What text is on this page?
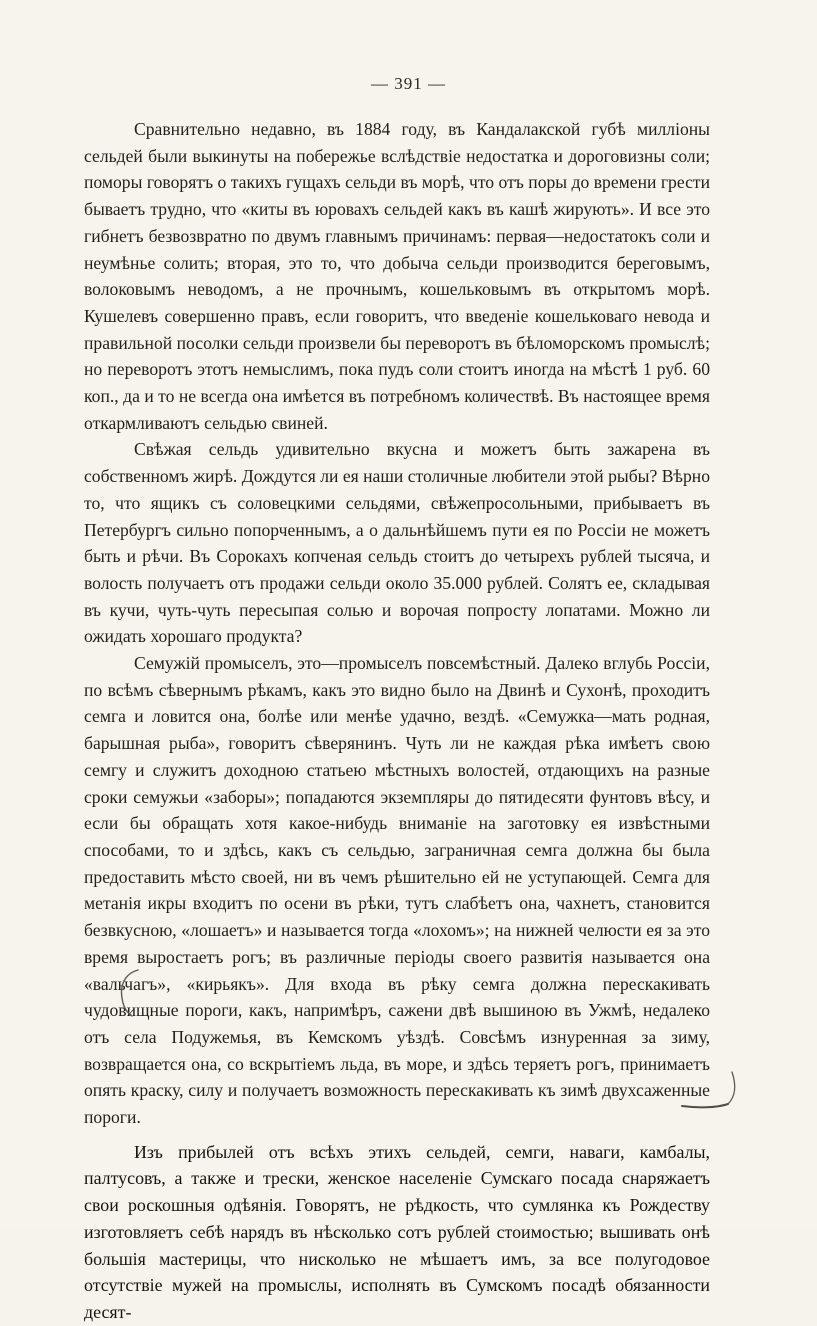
— 391 —

Сравнительно недавно, въ 1884 году, въ Кандалакской губѣ милліоны сельдей были выкинуты на побережье вслѣдствіе недостатка и дороговизны соли; поморы говорятъ о такихъ гущахъ сельди въ морѣ, что отъ поры до времени грести бываетъ трудно, что «киты въ юровахъ сельдей какъ въ кашѣ жирують». И все это гибнетъ безвозвратно по двумъ главнымъ причинамъ: первая—недостатокъ соли и неумѣнье солить; вторая, это то, что добыча сельди производится береговымъ, волоковымъ неводомъ, а не прочнымъ, кошельковымъ въ открытомъ морѣ. Кушелевъ совершенно правъ, если говоритъ, что введеніе кошельковаго невода и правильной посолки сельди произвели бы переворотъ въ бѣломорскомъ промыслѣ; но переворотъ этотъ немыслимъ, пока пудъ соли стоитъ иногда на мѣстѣ 1 руб. 60 коп., да и то не всегда она имѣется въ потребномъ количествѣ. Въ настоящее время откармливаютъ сельдью свиней.

Свѣжая сельдь удивительно вкусна и можетъ быть зажарена въ собственномъ жирѣ. Дождутся ли ея наши столичные любители этой рыбы? Вѣрно то, что ящикъ съ соловецкими сельдями, свѣжепросольными, прибываетъ въ Петербургъ сильно попорченнымъ, а о дальнѣйшемъ пути ея по Россіи не можетъ быть и рѣчи. Въ Сорокахъ копченая сельдь стоитъ до четырехъ рублей тысяча, и волость получаетъ отъ продажи сельди около 35.000 рублей. Солятъ ее, складывая въ кучи, чуть-чуть пересыпая солью и ворочая попросту лопатами. Можно ли ожидать хорошаго продукта?

Семужій промыселъ, это—промыселъ повсемѣстный. Далеко вглубь Россіи, по всѣмъ сѣвернымъ рѣкамъ, какъ это видно было на Двинѣ и Сухонѣ, проходитъ семга и ловится она, болѣе или менѣе удачно, вездѣ. «Семужка—мать родная, барышная рыба», говоритъ сѣверянинъ. Чуть ли не каждая рѣка имѣетъ свою семгу и служитъ доходною статьею мѣстныхъ волостей, отдающихъ на разные сроки семужьи «заборы»; попадаются экземпляры до пятидесяти фунтовъ вѣсу, и если бы обращать хотя какое-нибудь вниманіе на заготовку ея извѣстными способами, то и здѣсь, какъ съ сельдью, заграничная семга должна бы была предоставить мѣсто своей, ни въ чемъ рѣшительно ей не уступающей. Семга для метанія икры входитъ по осени въ рѣки, тутъ слабѣетъ она, чахнетъ, становится безвкусною, «лошаетъ» и называется тогда «лохомъ»; на нижней челюсти ея за это время выростаетъ рогъ; въ различные періоды своего развитія называется она «вальчагъ», «кирьякъ». Для входа въ рѣку семга должна перескакивать чудовищные пороги, какъ, напримѣръ, сажени двѣ вышиною въ Ужмѣ, недалеко отъ села Подужемья, въ Кемскомъ уѣздѣ. Совсѣмъ изнуренная за зиму, возвращается она, со вскрытіемъ льда, въ море, и здѣсь теряетъ рогъ, принимаетъ опять краску, силу и получаетъ возможность перескакивать къ зимѣ двухсаженные пороги.

Изъ прибылей отъ всѣхъ этихъ сельдей, семги, наваги, камбалы, палтусовъ, а также и трески, женское населеніе Сумскаго посада снаряжаетъ свои роскошныя одѣянія. Говорятъ, не рѣдкость, что сумлянка къ Рождеству изготовляетъ себѣ нарядъ въ нѣсколько сотъ рублей стоимостью; вышивать онѣ большія мастерицы, что нисколько не мѣшаетъ имъ, за все полугодовое отсутствіе мужей на промыслы, исполнять въ Сумскомъ посадѣ обязанности десят-
